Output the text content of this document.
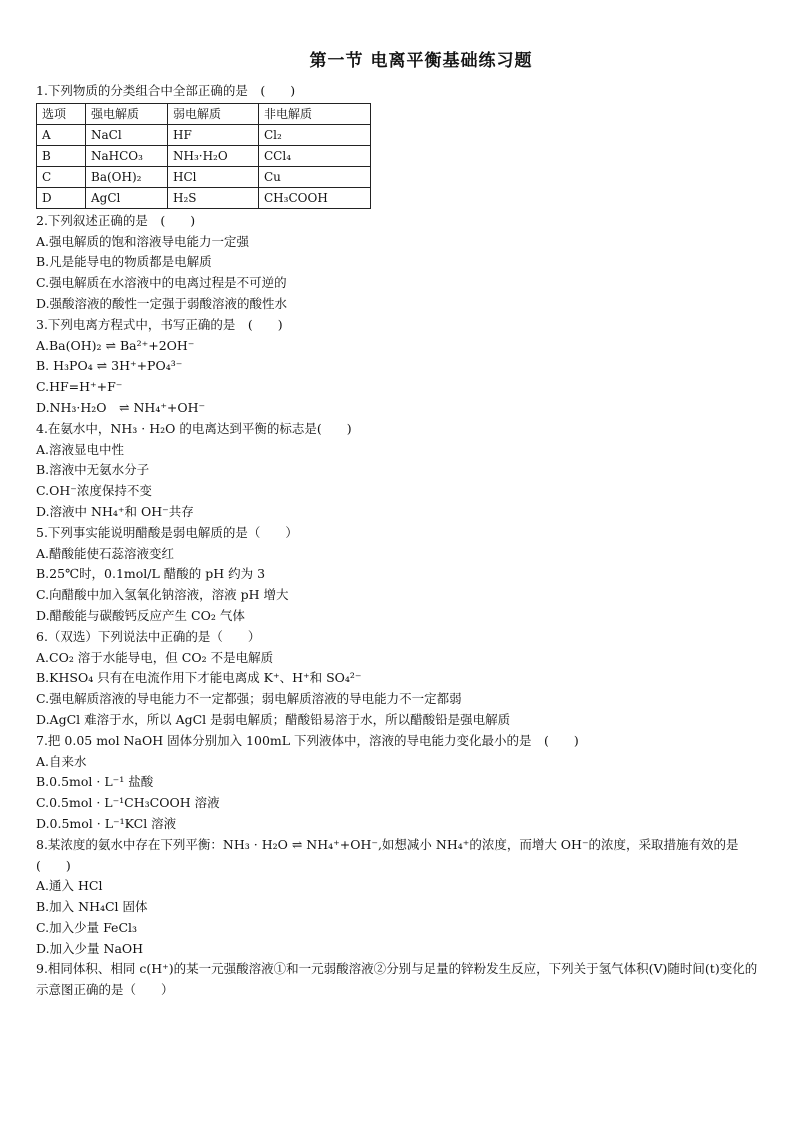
第一节 电离平衡基础练习题
1.下列物质的分类组合中全部正确的是　(　　)
选项	强电解质	弱电解质	非电解质
A	NaCl	HF	Cl₂
B	NaHCO₃	NH₃·H₂O	CCl₄
C	Ba(OH)₂	HCl	Cu
D	AgCl	H₂S	CH₃COOH
2.下列叙述正确的是　(　　)
A.强电解质的饱和溶液导电能力一定强
B.凡是能导电的物质都是电解质
C.强电解质在水溶液中的电离过程是不可逆的
D.强酸溶液的酸性一定强于弱酸溶液的酸性水
3.下列电离方程式中，书写正确的是　(　　)
A.Ba(OH)₂ ⇌ Ba²⁺+2OH⁻
B. H₃PO₄ ⇌ 3H⁺+PO₄³⁻
C.HF=H⁺+F⁻
D.NH₃·H₂O　⇌ NH₄⁺+OH⁻
4.在氨水中，NH₃ · H₂O 的电离达到平衡的标志是(　　)
A.溶液显电中性
B.溶液中无氨水分子
C.OH⁻浓度保持不变
D.溶液中 NH₄⁺和 OH⁻共存
5.下列事实能说明醋酸是弱电解质的是（　　）
A.醋酸能使石蕊溶液变红
B.25℃时，0.1mol/L 醋酸的 pH 约为 3
C.向醋酸中加入氢氧化钠溶液，溶液 pH 增大
D.醋酸能与碳酸钙反应产生 CO₂ 气体
6.（双选）下列说法中正确的是（　　）
A.CO₂ 溶于水能导电，但 CO₂ 不是电解质
B.KHSO₄ 只有在电流作用下才能电离成 K⁺、H⁺和 SO₄²⁻
C.强电解质溶液的导电能力不一定都强；弱电解质溶液的导电能力不一定都弱
D.AgCl 难溶于水，所以 AgCl 是弱电解质；醋酸铅易溶于水，所以醋酸铅是强电解质
7.把 0.05 mol NaOH 固体分别加入 100mL 下列液体中，溶液的导电能力变化最小的是　(　　)
A.自来水
B.0.5mol · L⁻¹ 盐酸
C.0.5mol · L⁻¹CH₃COOH 溶液
D.0.5mol · L⁻¹KCl 溶液
8.某浓度的氨水中存在下列平衡：NH₃ · H₂O ⇌ NH₄⁺+OH⁻,如想减小 NH₄⁺的浓度，而增大 OH⁻的浓度，采取措施有效的是(　　)
A.通入 HCl
B.加入 NH₄Cl 固体
C.加入少量 FeCl₃
D.加入少量 NaOH
9.相同体积、相同 c(H⁺)的某一元强酸溶液①和一元弱酸溶液②分别与足量的锌粉发生反应，下列关于氢气体积(V)随时间(t)变化的示意图正确的是（　　）
